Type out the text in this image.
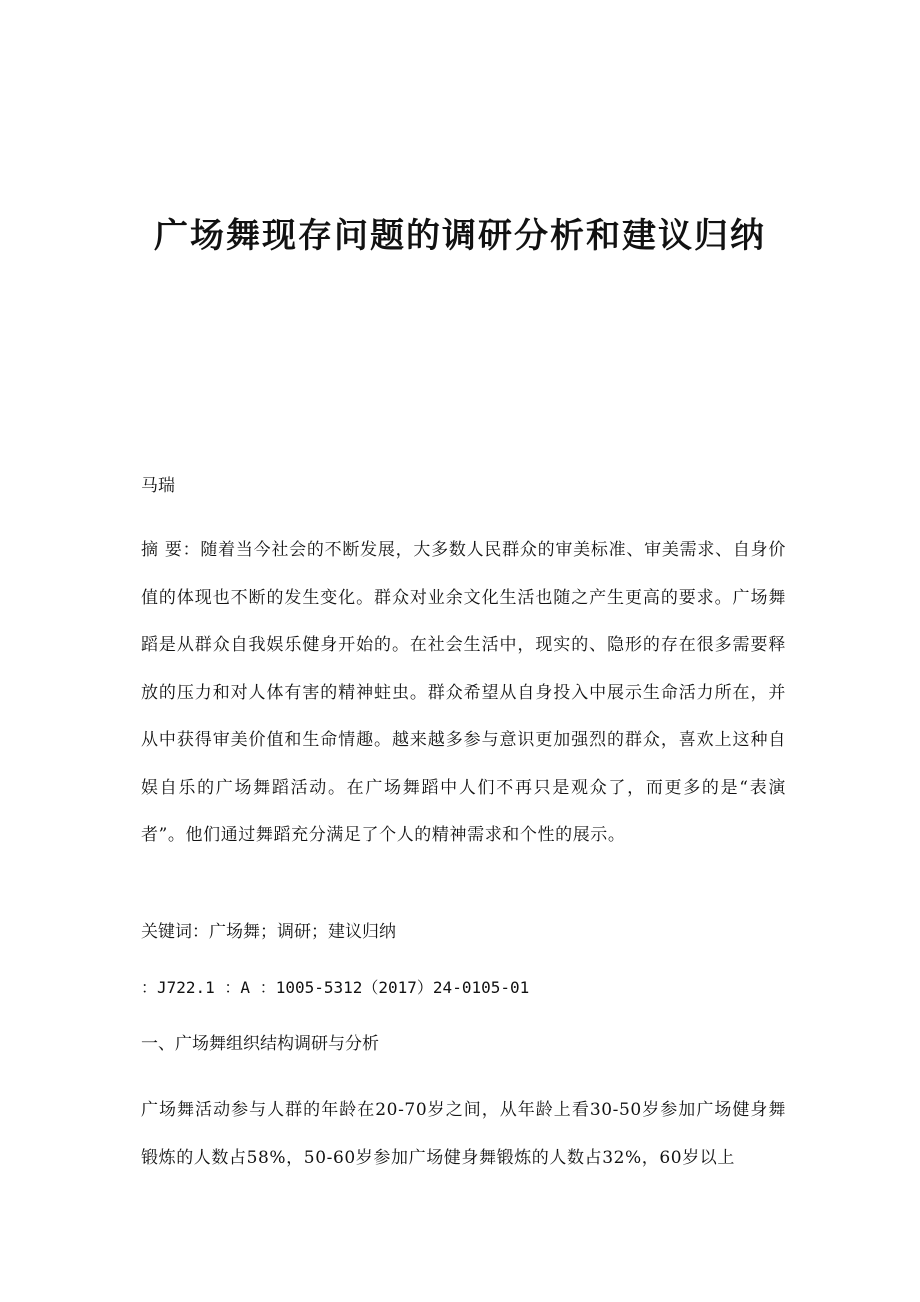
广场舞现存问题的调研分析和建议归纳
马瑞

摘 要：随着当今社会的不断发展，大多数人民群众的审美标准、审美需求、自身价值的体现也不断的发生变化。群众对业余文化生活也随之产生更高的要求。广场舞蹈是从群众自我娱乐健身开始的。在社会生活中，现实的、隐形的存在很多需要释放的压力和对人体有害的精神蛀虫。群众希望从自身投入中展示生命活力所在，并从中获得审美价值和生命情趣。越来越多参与意识更加强烈的群众，喜欢上这种自娱自乐的广场舞蹈活动。在广场舞蹈中人们不再只是观众了，而更多的是“表演者”。他们通过舞蹈充分满足了个人的精神需求和个性的展示。

关键词：广场舞；调研；建议归纳
：J722.1 ：A ：1005-5312（2017）24-0105-01
一、广场舞组织结构调研与分析

广场舞活动参与人群的年龄在20-70岁之间，从年龄上看30-50岁参加广场健身舞锻炼的人数占58%，50-60岁参加广场健身舞锻炼的人数占32%，60岁以上
